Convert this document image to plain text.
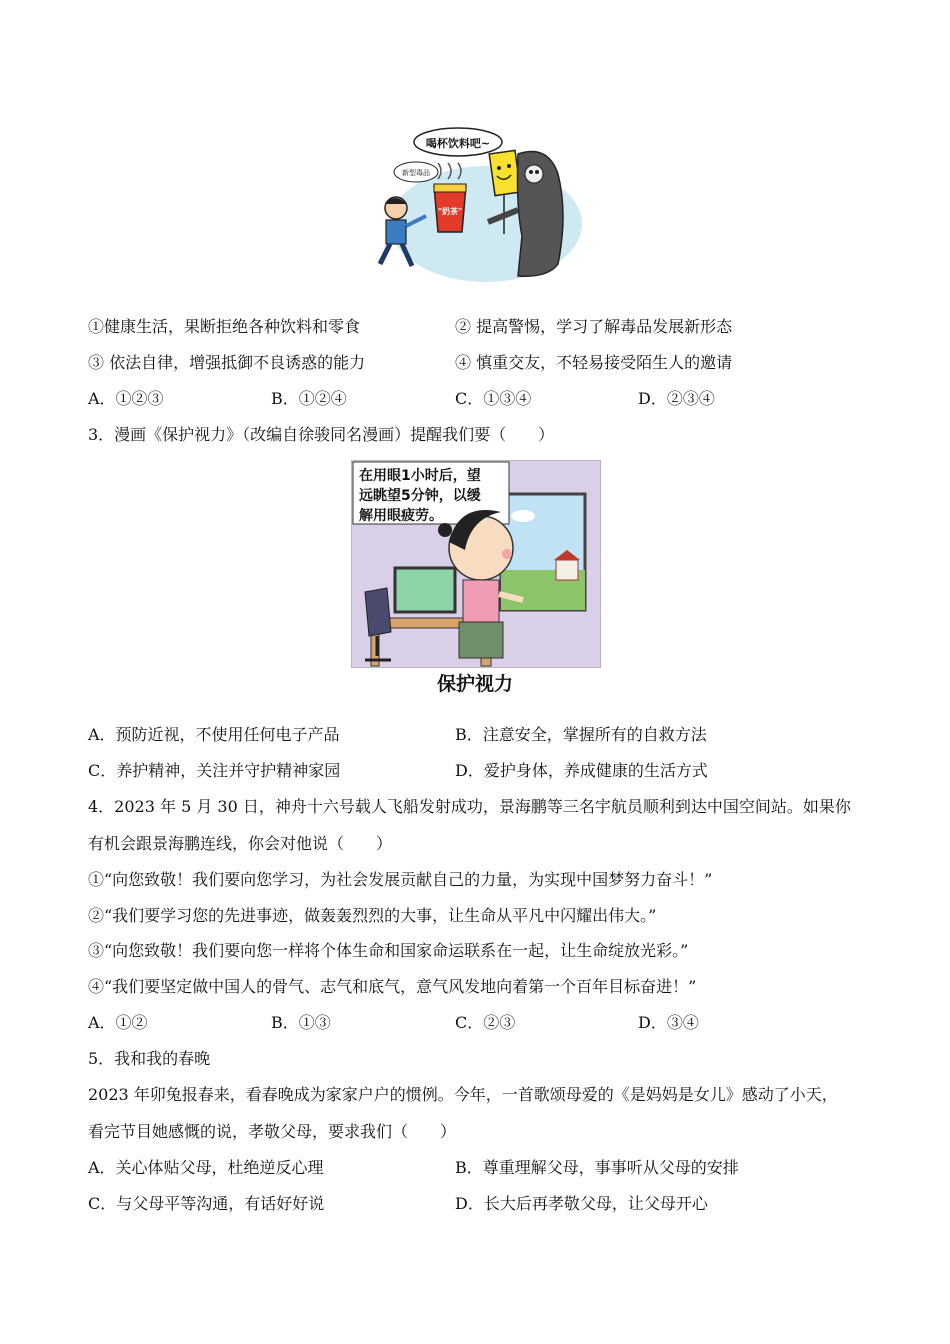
喝杯饮料吧~
新型毒品
"奶茶"
①健康生活，果断拒绝各种饮料和零食	② 提高警惕，学习了解毒品发展新形态
③ 依法自律，增强抵御不良诱惑的能力	④ 慎重交友，不轻易接受陌生人的邀请
A．①②③	B．①②④	C．①③④	D．②③④
3．漫画《保护视力》（改编自徐骏同名漫画）提醒我们要（　　）
在用眼1小时后，望
远眺望5分钟，以缓
解用眼疲劳。
保护视力
A．预防近视，不使用任何电子产品	B．注意安全，掌握所有的自救方法
C．养护精神，关注并守护精神家园	D．爱护身体，养成健康的生活方式
4．2023 年 5 月 30 日，神舟十六号载人飞船发射成功，景海鹏等三名宇航员顺利到达中国空间站。如果你
有机会跟景海鹏连线，你会对他说（　　）
①“向您致敬！我们要向您学习，为社会发展贡献自己的力量，为实现中国梦努力奋斗！”
②“我们要学习您的先进事迹，做轰轰烈烈的大事，让生命从平凡中闪耀出伟大。”
③“向您致敬！我们要向您一样将个体生命和国家命运联系在一起，让生命绽放光彩。”
④“我们要坚定做中国人的骨气、志气和底气，意气风发地向着第一个百年目标奋进！”
A．①②	B．①③	C．②③	D．③④
5．我和我的春晚
2023 年卯兔报春来，看春晚成为家家户户的惯例。今年，一首歌颂母爱的《是妈妈是女儿》感动了小天，
看完节目她感慨的说，孝敬父母，要求我们（　　）
A．关心体贴父母，杜绝逆反心理	B．尊重理解父母，事事听从父母的安排
C．与父母平等沟通，有话好好说	D．长大后再孝敬父母，让父母开心
